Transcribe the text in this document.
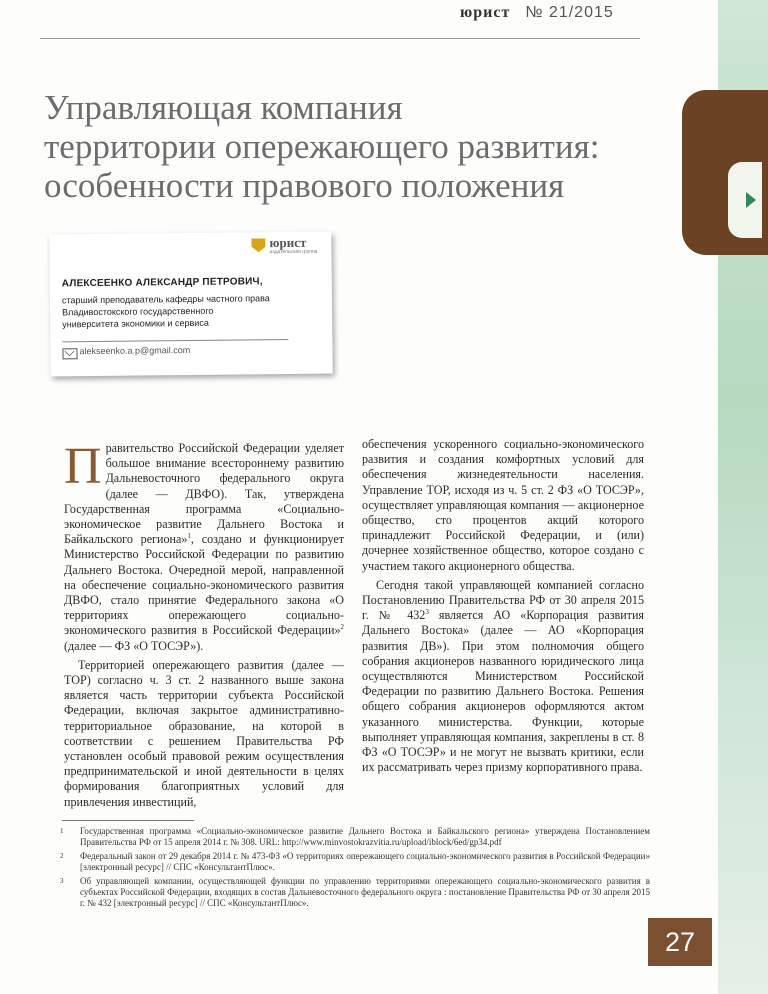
юрист № 21/2015
Управляющая компания
территории опережающего развития:
особенности правового положения
юрист
издательская группа
АЛЕКСЕЕНКО АЛЕКСАНДР ПЕТРОВИЧ,
старший преподаватель кафедры частного права
Владивостокского государственного
университета экономики и сервиса
alekseenko.a.p@gmail.com

Правительство Российской Федерации уделяет большое внимание всестороннему развитию Дальневосточного федерального округа (далее — ДВФО). Так, утверждена Государственная программа «Социально-экономическое развитие Дальнего Востока и Байкальского региона»$^1$, создано и функционирует Министерство Российской Федерации по развитию Дальнего Востока. Очередной мерой, направленной на обеспечение социально-экономического развития ДВФО, стало принятие Федерального закона «О территориях опережающего социально-экономического развития в Российской Федерации»$^2$ (далее — ФЗ «О ТОСЭР»).

Территорией опережающего развития (далее — ТОР) согласно ч. 3 ст. 2 названного выше закона является часть территории субъекта Российской Федерации, включая закрытое административно-территориальное образование, на которой в соответствии с решением Правительства РФ установлен особый правовой режим осуществления предпринимательской и иной деятельности в целях формирования благоприятных условий для привлечения инвестиций,

обеспечения ускоренного социально-экономического развития и создания комфортных условий для обеспечения жизнедеятельности населения. Управление ТОР, исходя из ч. 5 ст. 2 ФЗ «О ТОСЭР», осуществляет управляющая компания — акционерное общество, сто процентов акций которого принадлежит Российской Федерации, и (или) дочернее хозяйственное общество, которое создано с участием такого акционерного общества.

Сегодня такой управляющей компанией согласно Постановлению Правительства РФ от 30 апреля 2015 г. № $432^3$ является АО «Корпорация развития Дальнего Востока» (далее — АО «Корпорация развития ДВ»). При этом полномочия общего собрания акционеров названного юридического лица осуществляются Министерством Российской Федерации по развитию Дальнего Востока. Решения общего собрания акционеров оформляются актом указанного министерства. Функции, которые выполняет управляющая компания, закреплены в ст. 8 ФЗ «О ТОСЭР» и не могут не вызвать критики, если их рассматривать через призму корпоративного права.

1	Государственная программа «Социально-экономическое развитие Дальнего Востока и Байкальского региона» утверждена Постановлением Правительства РФ от 15 апреля 2014 г. № 308. URL: http://www.minvostokrazvitia.ru/upload/iblock/6ed/gp34.pdf
2	Федеральный закон от 29 декабря 2014 г. № 473-ФЗ «О территориях опережающего социально-экономического развития в Российской Федерации» [электронный ресурс] // СПС «КонсультантПлюс».
3	Об управляющей компании, осуществляющей функции по управлению территориями опережающего социально-экономического развития в субъектах Российской Федерации, входящих в состав Дальневосточного федерального округа : постановление Правительства РФ от 30 апреля 2015 г. № 432 [электронный ресурс] // СПС «КонсультантПлюс».
27
